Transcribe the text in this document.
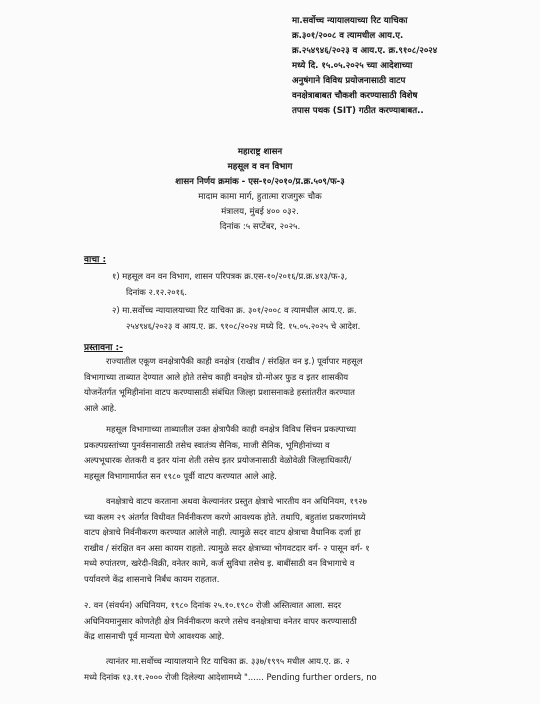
मा.सर्वोच्च न्यायालयाच्या रिट याचिका
क्र.३०१/२००८ व त्यामधील आय.ए.
क्र.२५४९४६/२०२३ व आय.ए. क्र.९१०८/२०२४
मध्ये दि. १५.०५.२०२५ च्या आदेशाच्या
अनुषंगाने विविध प्रयोजनासाठी वाटप
वनक्षेत्राबाबत चौकशी करण्यासाठी विशेष
तपास पथक (SIT) गठीत करण्याबाबत..
महाराष्ट्र शासन
महसूल व वन विभाग
शासन निर्णय क्रमांक - एस-१०/२०१०/प्र.क्र.५०९/फ-३
मादाम कामा मार्ग, हुतात्मा राजगुरू चौक
मंत्रालय, मुंबई ४०० ०३२.
दिनांक :५ सप्टेंबर, २०२५.
वाचा :
१) महसूल वन वन विभाग, शासन परिपत्रक क्र.एस-१०/२०१६/प्र.क्र.४१३/फ-३,
दिनांक २.१२.२०१६.
२) मा.सर्वोच्च न्यायालयाच्या रिट याचिका क्र. ३०१/२००८ व त्यामधील आय.ए. क्र.
२५४९४६/२०२३ व आय.ए. क्र. ९१०८/२०२४ मध्ये दि. १५.०५.२०२५ चे आदेश.
प्रस्तावना :-
राज्यातील एकूण वनक्षेत्रापैकी काही वनक्षेत्र (राखीव / संरक्षित वन इ.) पूर्वापार महसूल
विभागाच्या ताब्यात देण्यात आले होते तसेच काही वनक्षेत्र ग्रो-मोअर फुड व इतर शासकीय
योजनेंतर्गत भूमिहीनांना वाटप करण्यासाठी संबंधित जिल्हा प्रशासनाकडे हस्तांतरीत करण्यात
आले आहे.
महसूल विभागाच्या ताब्यातील उक्त क्षेत्रापैकी काही वनक्षेत्र विविध सिंचन प्रकल्पाच्या
प्रकल्पग्रस्तांच्या पुनर्वसनासाठी तसेच स्वातंत्र्य सैनिक, माजी सैनिक, भूमिहीनांच्या व
अल्पभूधारक शेतकरी व इतर यांना शेती तसेच इतर प्रयोजनासाठी वेळोवेळी जिल्हाधिकारी/
महसूल विभागामार्फत सन १९८० पूर्वी वाटप करण्यात आले आहे.
वनक्षेत्राचे वाटप करताना अथवा केल्यानंतर प्रस्तुत क्षेत्राचे भारतीय वन अधिनियम, १९२७
च्या कलम २९ अंतर्गत विधीवत निर्वनीकरण करणे आवश्यक होते. तथापि, बहुतांश प्रकरणांमध्ये
वाटप क्षेत्राचे निर्वनीकरण करण्यात आलेले नाही. त्यामुळे सदर वाटप क्षेत्राचा वैधानिक दर्जा हा
राखीव / संरक्षित वन असा कायम राहतो. त्यामुळे सदर क्षेत्राच्या भोगवटदार वर्ग- २ पासून वर्ग- १
मध्ये रुपांतरण, खरेदी-विक्री, वनेतर कामे, कर्ज सुविधा तसेच इ. बाबींसाठी वन विभागाचे व
पर्यावरणे केंद्र शासनाचे निर्बंध कायम राहतात.
२. वन (संवर्धन) अधिनियम, १९८० दिनांक २५.१०.१९८० रोजी अस्तित्वात आला. सदर
अधिनियमानुसार कोणतेही क्षेत्र निर्वनीकरण करणे तसेच वनक्षेत्राचा वनेतर वापर करण्यासाठी
केंद्र शासनाची पूर्व मान्यता घेणे आवश्यक आहे.
त्यानंतर मा.सर्वोच्च न्यायालयाने रिट याचिका क्र. ३३७/१९९५ मधील आय.ए. क्र. २
मध्ये दिनांक १३.११.२००० रोजी दिलेल्या आदेशामध्ये "...... Pending further orders, no
